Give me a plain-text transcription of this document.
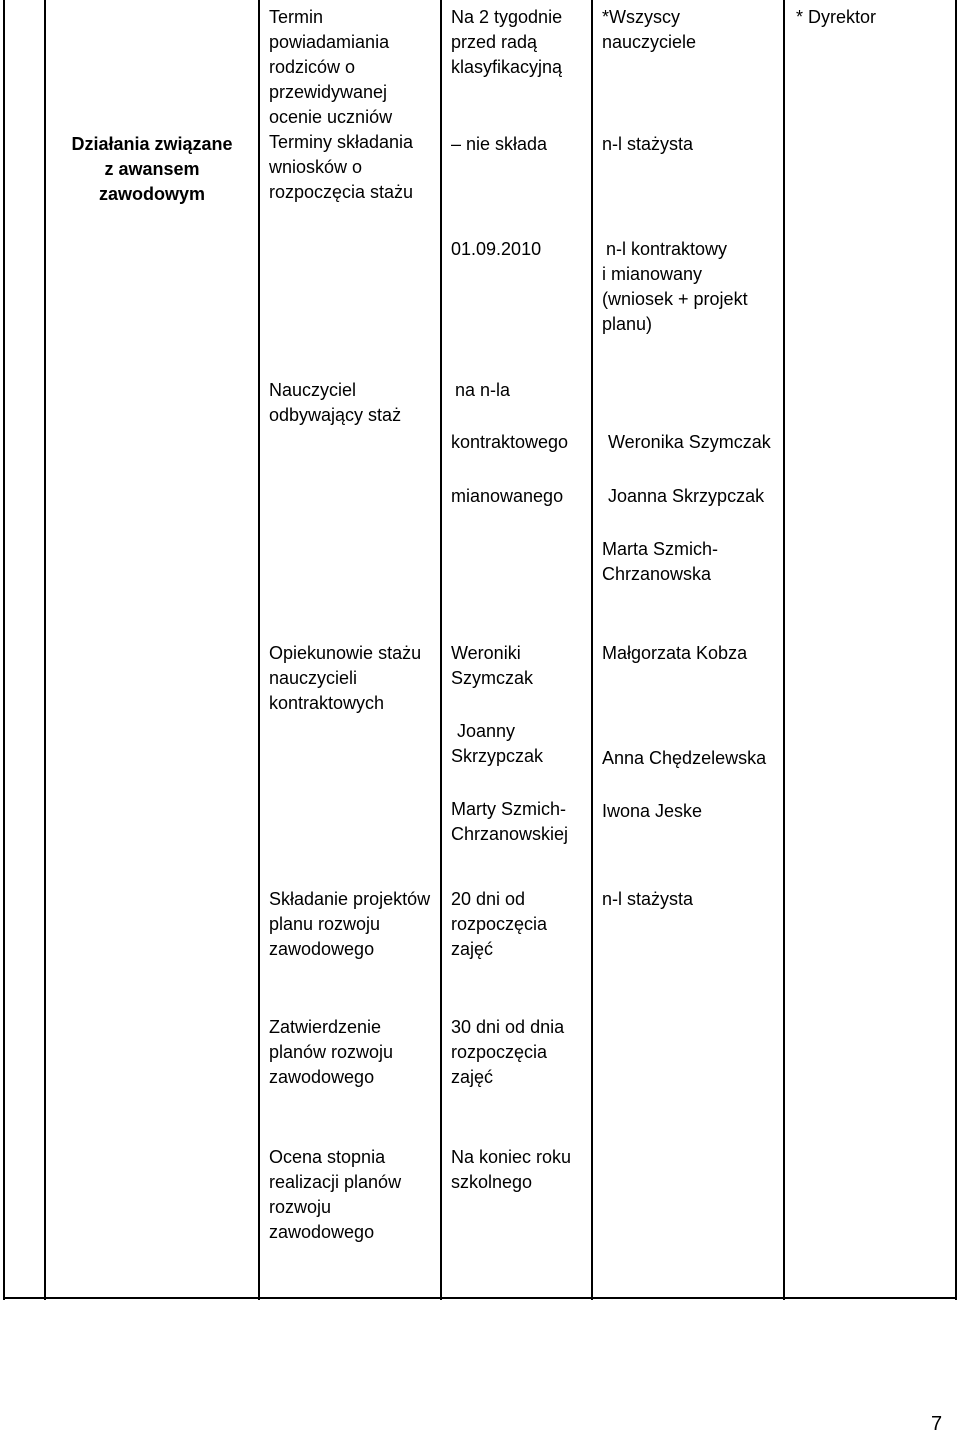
Działania związane
z awansem
zawodowym
Termin
powiadamiania
rodziców o
przewidywanej
ocenie uczniów
Na 2 tygodnie
przed radą
klasyfikacyjną
*Wszyscy
nauczyciele
* Dyrektor
Terminy składania
wniosków o
rozpoczęcia stażu
– nie składa	n-l stażysta
01.09.2010	n-l kontraktowy
i mianowany
(wniosek + projekt
planu)
Nauczyciel
odbywający staż
na n-la
kontraktowego
mianowanego
Weronika Szymczak
Joanna Skrzypczak
Marta Szmich-
Chrzanowska
Opiekunowie stażu
nauczycieli
kontraktowych
Weroniki
Szymczak
Joanny
Skrzypczak
Marty Szmich-
Chrzanowskiej
Małgorzata Kobza
Anna Chędzelewska
Iwona Jeske
Składanie projektów
planu rozwoju
zawodowego
20 dni od
rozpoczęcia
zajęć
n-l stażysta
Zatwierdzenie
planów rozwoju
zawodowego
30 dni od dnia
rozpoczęcia
zajęć
Ocena stopnia
realizacji planów
rozwoju
zawodowego
Na koniec roku
szkolnego
7
